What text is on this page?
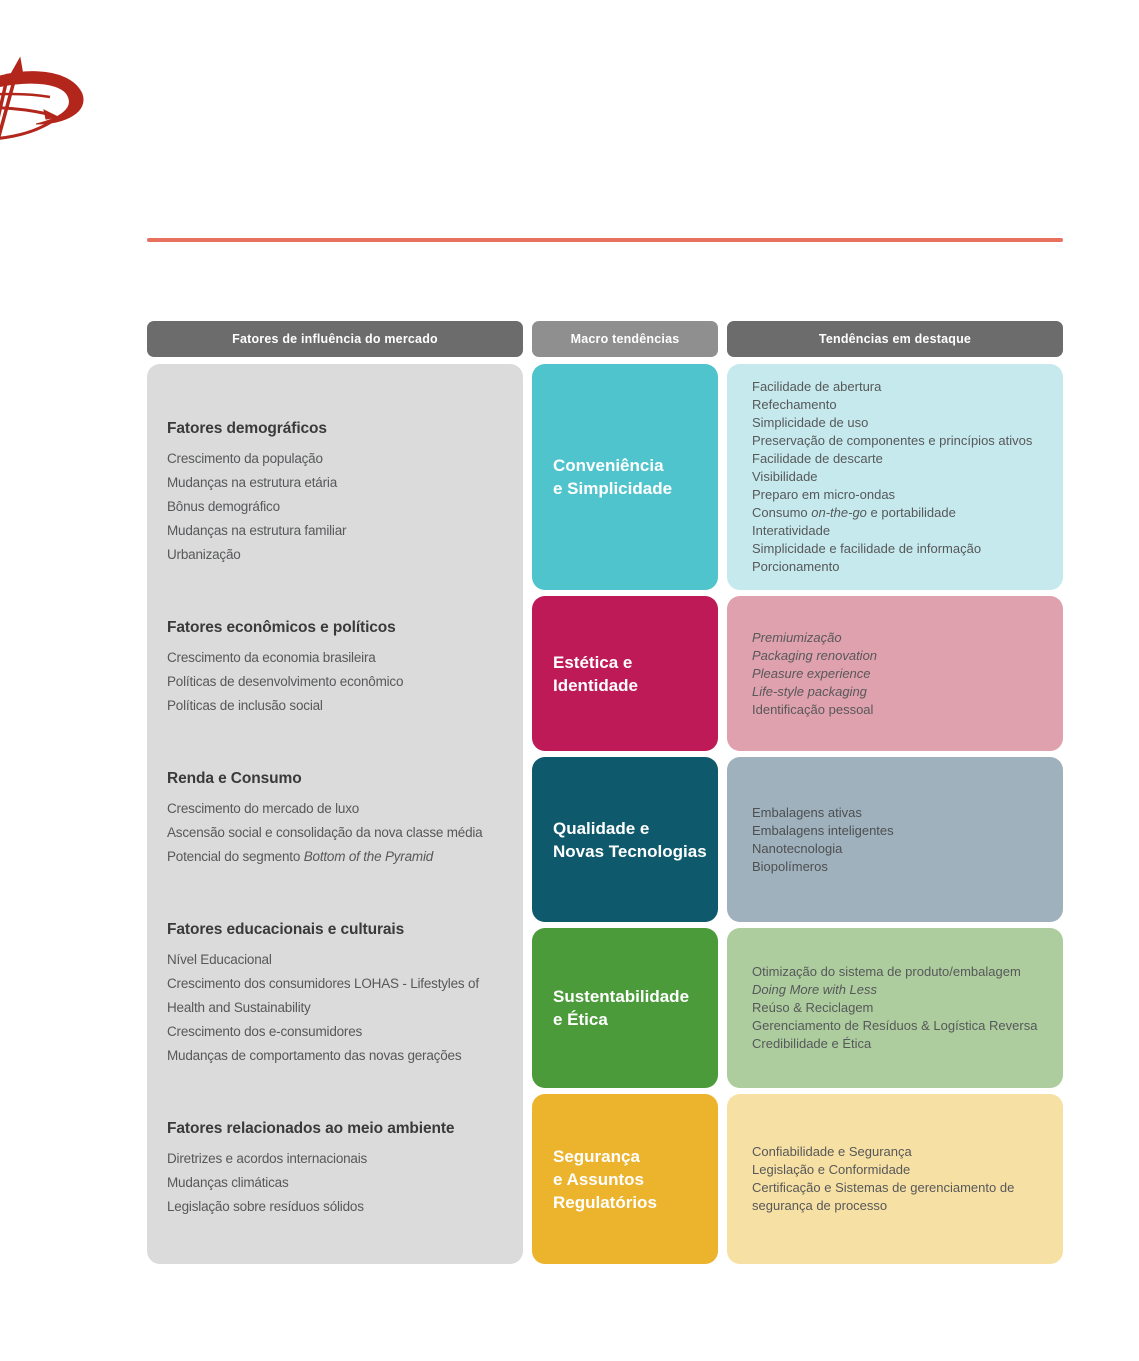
Fatores de influência do mercado	Macro tendências	Tendências em destaque
Fatores demográficos
Crescimento da população
Mudanças na estrutura etária
Bônus demográfico
Mudanças na estrutura familiar
Urbanização
Fatores econômicos e políticos
Crescimento da economia brasileira
Políticas de desenvolvimento econômico
Políticas de inclusão social
Renda e Consumo
Crescimento do mercado de luxo
Ascensão social e consolidação da nova classe média
Potencial do segmento Bottom of the Pyramid
Fatores educacionais e culturais
Nível Educacional
Crescimento dos consumidores LOHAS - Lifestyles of Health and Sustainability
Crescimento dos e-consumidores
Mudanças de comportamento das novas gerações
Fatores relacionados ao meio ambiente
Diretrizes e acordos internacionais
Mudanças climáticas
Legislação sobre resíduos sólidos
Conveniência
e Simplicidade
Estética e
Identidade
Qualidade e
Novas Tecnologias
Sustentabilidade
e Ética
Segurança
e Assuntos
Regulatórios
Facilidade de abertura
Refechamento
Simplicidade de uso
Preservação de componentes e princípios ativos
Facilidade de descarte
Visibilidade
Preparo em micro-ondas
Consumo on-the-go e portabilidade
Interatividade
Simplicidade e facilidade de informação
Porcionamento
Premiumização
Packaging renovation
Pleasure experience
Life-style packaging
Identificação pessoal
Embalagens ativas
Embalagens inteligentes
Nanotecnologia
Biopolímeros
Otimização do sistema de produto/embalagem
Doing More with Less
Reúso & Reciclagem
Gerenciamento de Resíduos & Logística Reversa
Credibilidade e Ética
Confiabilidade e Segurança
Legislação e Conformidade
Certificação e Sistemas de gerenciamento de segurança de processo
